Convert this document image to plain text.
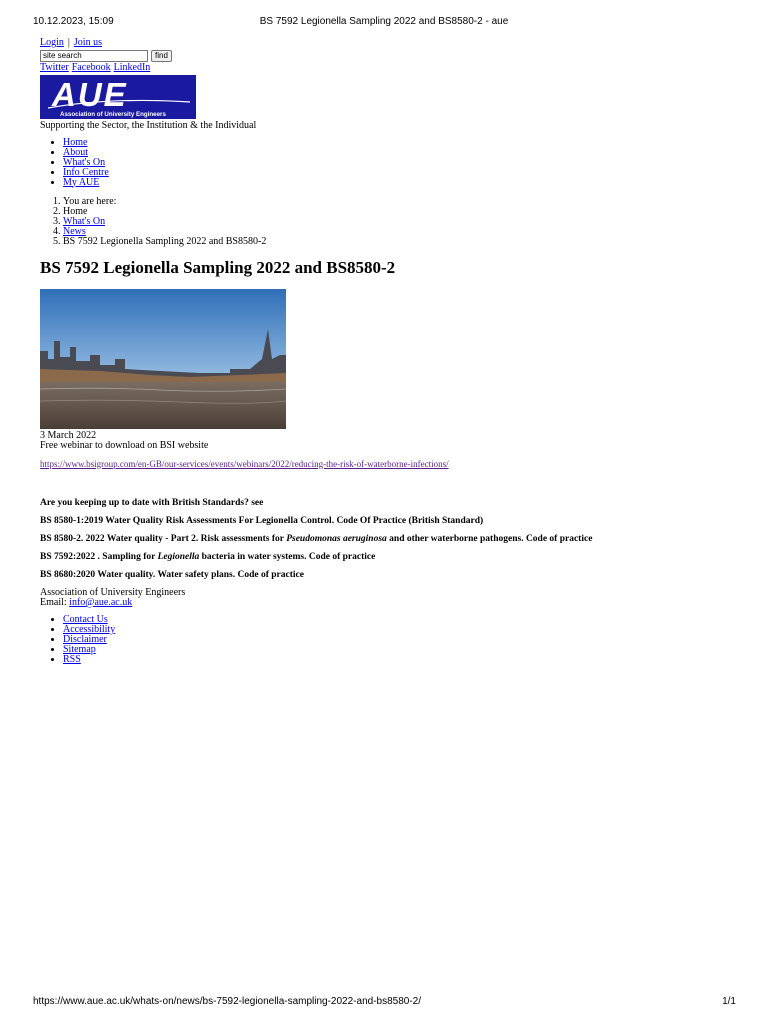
10.12.2023, 15:09	BS 7592 Legionella Sampling 2022 and BS8580-2 - aue
Login | Join us
site search
find
Twitter Facebook LinkedIn
AUE
Association of University Engineers
Supporting the Sector, the Institution & the Individual
• Home
• About
• What's On
• Info Centre
• My AUE
1. You are here:
2. Home
3. What's On
4. News
5. BS 7592 Legionella Sampling 2022 and BS8580-2
BS 7592 Legionella Sampling 2022 and BS8580-2
3 March 2022
Free webinar to download on BSI website
https://www.bsigroup.com/en-GB/our-services/events/webinars/2022/reducing-the-risk-of-waterborne-infections/

Are you keeping up to date with British Standards? see

BS 8580-1:2019 Water Quality Risk Assessments For Legionella Control. Code Of Practice (British Standard)

BS 8580-2. 2022 Water quality - Part 2. Risk assessments for Pseudomonas aeruginosa and other waterborne pathogens. Code of practice

BS 7592:2022 . Sampling for Legionella bacteria in water systems. Code of practice

BS 8680:2020 Water quality. Water safety plans. Code of practice

Association of University Engineers
Email: info@aue.ac.uk
• Contact Us
• Accessibility
• Disclaimer
• Sitemap
• RSS
https://www.aue.ac.uk/whats-on/news/bs-7592-legionella-sampling-2022-and-bs8580-2/	1/1
